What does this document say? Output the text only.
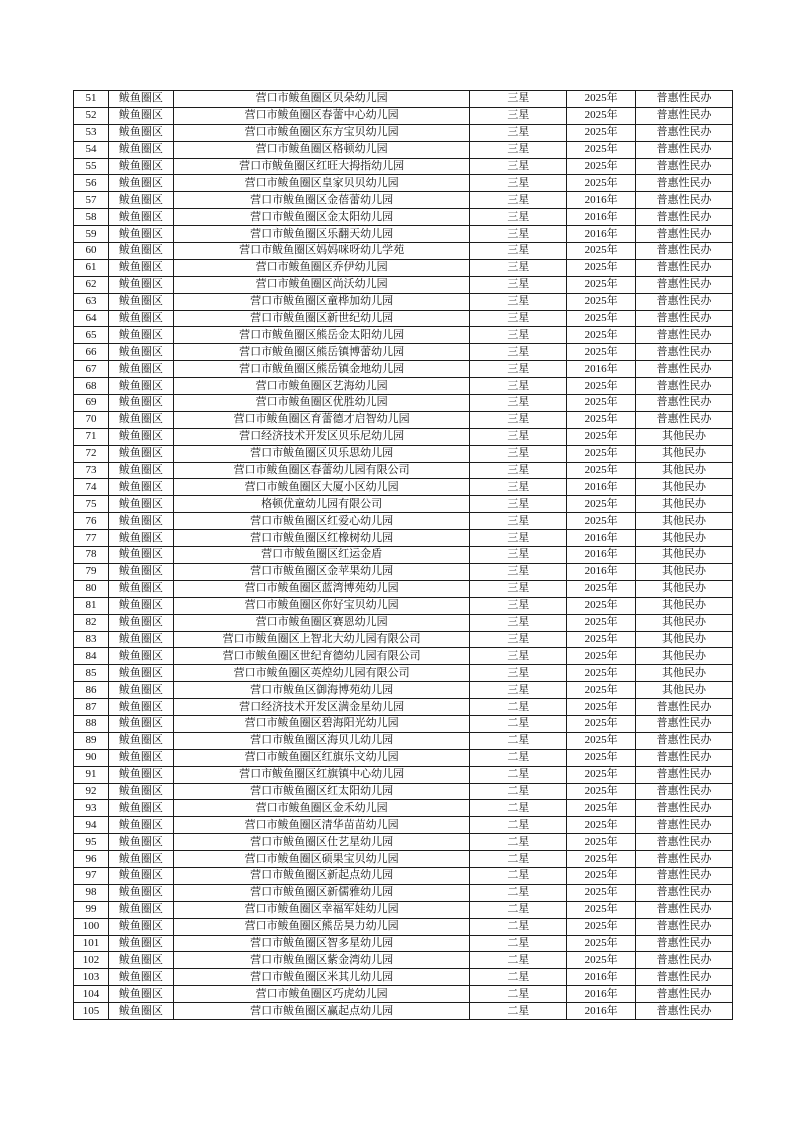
51	鲅鱼圈区	营口市鲅鱼圈区贝朵幼儿园	三星	2025年	普惠性民办
52	鲅鱼圈区	营口市鲅鱼圈区春蕾中心幼儿园	三星	2025年	普惠性民办
53	鲅鱼圈区	营口市鲅鱼圈区东方宝贝幼儿园	三星	2025年	普惠性民办
54	鲅鱼圈区	营口市鲅鱼圈区格顿幼儿园	三星	2025年	普惠性民办
55	鲅鱼圈区	营口市鲅鱼圈区红旺大拇指幼儿园	三星	2025年	普惠性民办
56	鲅鱼圈区	营口市鲅鱼圈区皇家贝贝幼儿园	三星	2025年	普惠性民办
57	鲅鱼圈区	营口市鲅鱼圈区金蓓蕾幼儿园	三星	2016年	普惠性民办
58	鲅鱼圈区	营口市鲅鱼圈区金太阳幼儿园	三星	2016年	普惠性民办
59	鲅鱼圈区	营口市鲅鱼圈区乐翻天幼儿园	三星	2016年	普惠性民办
60	鲅鱼圈区	营口市鲅鱼圈区妈妈咪呀幼儿学苑	三星	2025年	普惠性民办
61	鲅鱼圈区	营口市鲅鱼圈区乔伊幼儿园	三星	2025年	普惠性民办
62	鲅鱼圈区	营口市鲅鱼圈区尚沃幼儿园	三星	2025年	普惠性民办
63	鲅鱼圈区	营口市鲅鱼圈区童桦加幼儿园	三星	2025年	普惠性民办
64	鲅鱼圈区	营口市鲅鱼圈区新世纪幼儿园	三星	2025年	普惠性民办
65	鲅鱼圈区	营口市鲅鱼圈区熊岳金太阳幼儿园	三星	2025年	普惠性民办
66	鲅鱼圈区	营口市鲅鱼圈区熊岳镇博蕾幼儿园	三星	2025年	普惠性民办
67	鲅鱼圈区	营口市鲅鱼圈区熊岳镇金地幼儿园	三星	2016年	普惠性民办
68	鲅鱼圈区	营口市鲅鱼圈区艺海幼儿园	三星	2025年	普惠性民办
69	鲅鱼圈区	营口市鲅鱼圈区优胜幼儿园	三星	2025年	普惠性民办
70	鲅鱼圈区	营口市鲅鱼圈区育蕾德才启智幼儿园	三星	2025年	普惠性民办
71	鲅鱼圈区	营口经济技术开发区贝乐尼幼儿园	三星	2025年	其他民办
72	鲅鱼圈区	营口市鲅鱼圈区贝乐思幼儿园	三星	2025年	其他民办
73	鲅鱼圈区	营口市鲅鱼圈区春蕾幼儿园有限公司	三星	2025年	其他民办
74	鲅鱼圈区	营口市鲅鱼圈区大厦小区幼儿园	三星	2016年	其他民办
75	鲅鱼圈区	格顿优童幼儿园有限公司	三星	2025年	其他民办
76	鲅鱼圈区	营口市鲅鱼圈区红爱心幼儿园	三星	2025年	其他民办
77	鲅鱼圈区	营口市鲅鱼圈区红橡树幼儿园	三星	2016年	其他民办
78	鲅鱼圈区	营口市鲅鱼圈区红运金盾	三星	2016年	其他民办
79	鲅鱼圈区	营口市鲅鱼圈区金苹果幼儿园	三星	2016年	其他民办
80	鲅鱼圈区	营口市鲅鱼圈区蓝湾博苑幼儿园	三星	2025年	其他民办
81	鲅鱼圈区	营口市鲅鱼圈区你好宝贝幼儿园	三星	2025年	其他民办
82	鲅鱼圈区	营口市鲅鱼圈区赛恩幼儿园	三星	2025年	其他民办
83	鲅鱼圈区	营口市鲅鱼圈区上智北大幼儿园有限公司	三星	2025年	其他民办
84	鲅鱼圈区	营口市鲅鱼圈区世纪育德幼儿园有限公司	三星	2025年	其他民办
85	鲅鱼圈区	营口市鲅鱼圈区英煌幼儿园有限公司	三星	2025年	其他民办
86	鲅鱼圈区	营口市鲅鱼区御海博苑幼儿园	三星	2025年	其他民办
87	鲅鱼圈区	营口经济技术开发区满金星幼儿园	二星	2025年	普惠性民办
88	鲅鱼圈区	营口市鲅鱼圈区碧海阳光幼儿园	二星	2025年	普惠性民办
89	鲅鱼圈区	营口市鲅鱼圈区海贝儿幼儿园	二星	2025年	普惠性民办
90	鲅鱼圈区	营口市鲅鱼圈区红旗乐文幼儿园	二星	2025年	普惠性民办
91	鲅鱼圈区	营口市鲅鱼圈区红旗镇中心幼儿园	二星	2025年	普惠性民办
92	鲅鱼圈区	营口市鲅鱼圈区红太阳幼儿园	二星	2025年	普惠性民办
93	鲅鱼圈区	营口市鲅鱼圈区金禾幼儿园	二星	2025年	普惠性民办
94	鲅鱼圈区	营口市鲅鱼圈区清华苗苗幼儿园	二星	2025年	普惠性民办
95	鲅鱼圈区	营口市鲅鱼圈区仕艺星幼儿园	二星	2025年	普惠性民办
96	鲅鱼圈区	营口市鲅鱼圈区硕果宝贝幼儿园	二星	2025年	普惠性民办
97	鲅鱼圈区	营口市鲅鱼圈区新起点幼儿园	二星	2025年	普惠性民办
98	鲅鱼圈区	营口市鲅鱼圈区新儒雅幼儿园	二星	2025年	普惠性民办
99	鲅鱼圈区	营口市鲅鱼圈区幸福军娃幼儿园	二星	2025年	普惠性民办
100	鲅鱼圈区	营口市鲅鱼圈区熊岳昊力幼儿园	二星	2025年	普惠性民办
101	鲅鱼圈区	营口市鲅鱼圈区智多星幼儿园	二星	2025年	普惠性民办
102	鲅鱼圈区	营口市鲅鱼圈区紫金湾幼儿园	二星	2025年	普惠性民办
103	鲅鱼圈区	营口市鲅鱼圈区米其儿幼儿园	二星	2016年	普惠性民办
104	鲅鱼圈区	营口市鲅鱼圈区巧虎幼儿园	二星	2016年	普惠性民办
105	鲅鱼圈区	营口市鲅鱼圈区赢起点幼儿园	二星	2016年	普惠性民办
